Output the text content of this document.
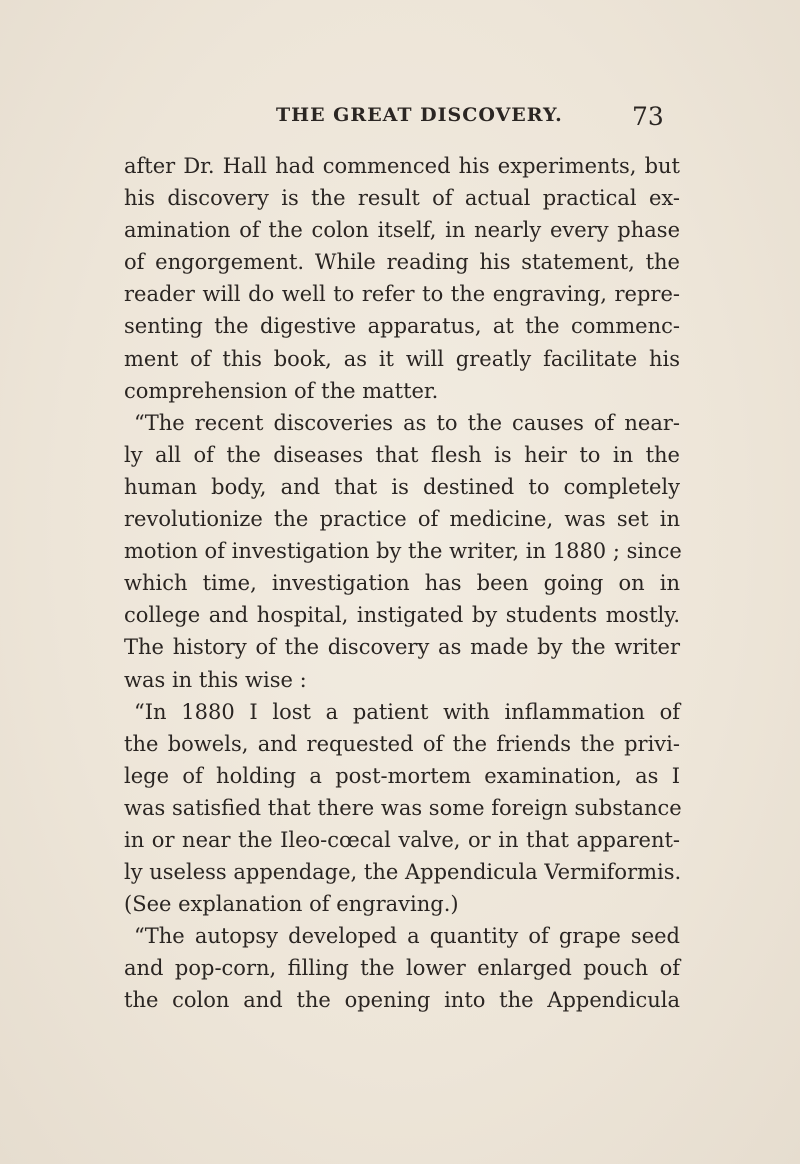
THE GREAT DISCOVERY.	73
after Dr. Hall had commenced his experiments, but
his discovery is the result of actual practical ex-
amination of the colon itself, in nearly every phase
of engorgement. While reading his statement, the
reader will do well to refer to the engraving, repre-
senting the digestive apparatus, at the commenc-
ment of this book, as it will greatly facilitate his
comprehension of the matter.
“The recent discoveries as to the causes of near-
ly all of the diseases that flesh is heir to in the
human body, and that is destined to completely
revolutionize the practice of medicine, was set in
motion of investigation by the writer, in 1880 ; since
which time, investigation has been going on in
college and hospital, instigated by students mostly.
The history of the discovery as made by the writer
was in this wise :
“In 1880 I lost a patient with inflammation of
the bowels, and requested of the friends the privi-
lege of holding a post-mortem examination, as I
was satisfied that there was some foreign substance
in or near the Ileo-cœcal valve, or in that apparent-
ly useless appendage, the Appendicula Vermiformis.
(See explanation of engraving.)
“The autopsy developed a quantity of grape seed
and pop-corn, filling the lower enlarged pouch of
the colon and the opening into the Appendicula
